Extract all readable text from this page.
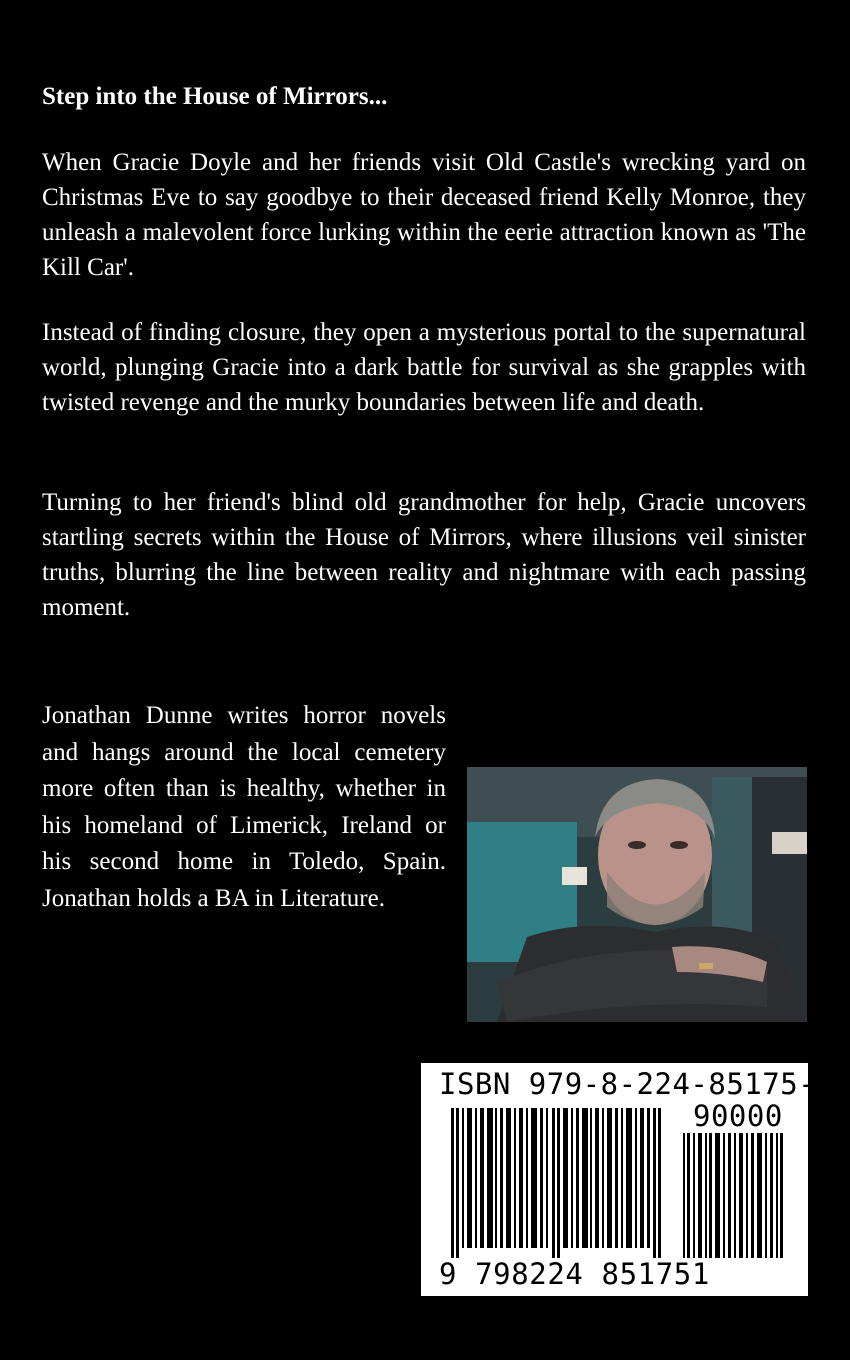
Step into the House of Mirrors...

When Gracie Doyle and her friends visit Old Castle's wrecking yard on Christmas Eve to say goodbye to their deceased friend Kelly Monroe, they unleash a malevolent force lurking within the eerie attraction known as 'The Kill Car'.

Instead of finding closure, they open a mysterious portal to the supernatural world, plunging Gracie into a dark battle for survival as she grapples with twisted revenge and the murky boundaries between life and death.

Turning to her friend's blind old grandmother for help, Gracie uncovers startling secrets within the House of Mirrors, where illusions veil sinister truths, blurring the line between reality and nightmare with each passing moment.

Jonathan Dunne writes horror novels and hangs around the local cemetery more often than is healthy, whether in his homeland of Limerick, Ireland or his second home in Toledo, Spain. Jonathan holds a BA in Literature.

ISBN 979-8-224-85175-1
90000
9 798224 851751
